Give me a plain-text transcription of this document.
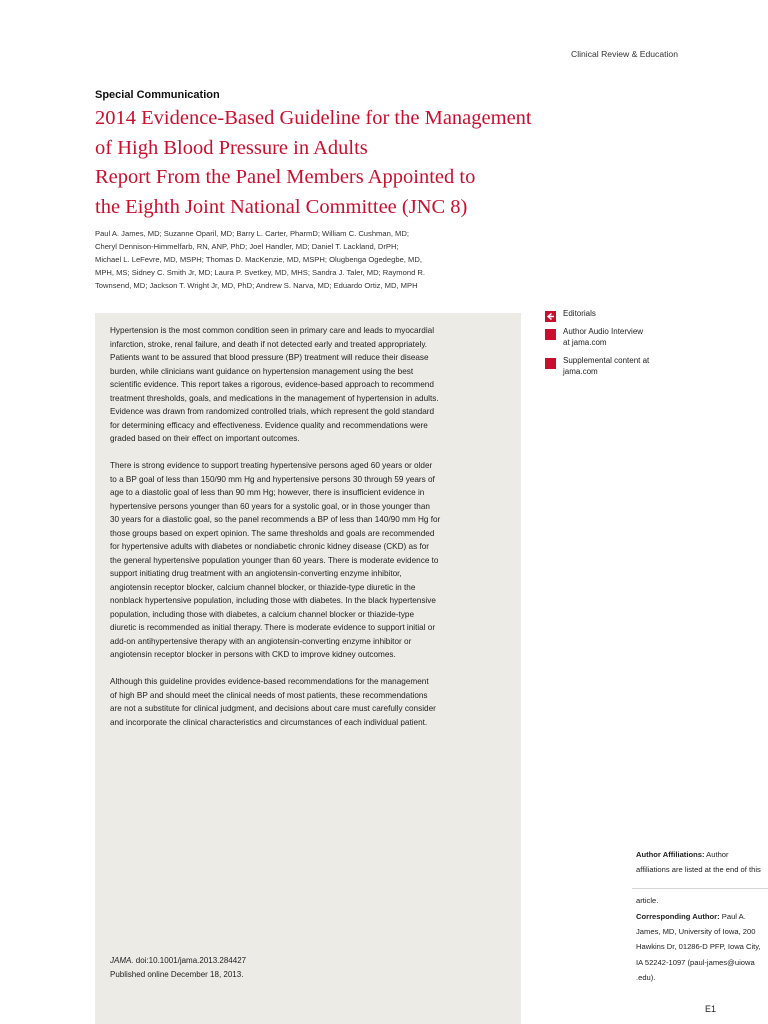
Clinical Review & Education
Special Communication
2014 Evidence-Based Guideline for the Management
of High Blood Pressure in Adults
Report From the Panel Members Appointed to
the Eighth Joint National Committee (JNC 8)
Paul A. James, MD; Suzanne Oparil, MD; Barry L. Carter, PharmD; William C. Cushman, MD;
Cheryl Dennison-Himmelfarb, RN, ANP, PhD; Joel Handler, MD; Daniel T. Lackland, DrPH;
Michael L. LeFevre, MD, MSPH; Thomas D. MacKenzie, MD, MSPH; Olugbenga Ogedegbe, MD,
MPH, MS; Sidney C. Smith Jr, MD; Laura P. Svetkey, MD, MHS; Sandra J. Taler, MD; Raymond R.
Townsend, MD; Jackson T. Wright Jr, MD, PhD; Andrew S. Narva, MD; Eduardo Ortiz, MD, MPH

Hypertension is the most common condition seen in primary care and leads to myocardial
infarction, stroke, renal failure, and death if not detected early and treated appropriately.
Patients want to be assured that blood pressure (BP) treatment will reduce their disease
burden, while clinicians want guidance on hypertension management using the best
scientific evidence. This report takes a rigorous, evidence-based approach to recommend
treatment thresholds, goals, and medications in the management of hypertension in adults.
Evidence was drawn from randomized controlled trials, which represent the gold standard
for determining efficacy and effectiveness. Evidence quality and recommendations were
graded based on their effect on important outcomes.

There is strong evidence to support treating hypertensive persons aged 60 years or older
to a BP goal of less than 150/90 mm Hg and hypertensive persons 30 through 59 years of
age to a diastolic goal of less than 90 mm Hg; however, there is insufficient evidence in
hypertensive persons younger than 60 years for a systolic goal, or in those younger than
30 years for a diastolic goal, so the panel recommends a BP of less than 140/90 mm Hg for
those groups based on expert opinion. The same thresholds and goals are recommended
for hypertensive adults with diabetes or nondiabetic chronic kidney disease (CKD) as for
the general hypertensive population younger than 60 years. There is moderate evidence to
support initiating drug treatment with an angiotensin-converting enzyme inhibitor,
angiotensin receptor blocker, calcium channel blocker, or thiazide-type diuretic in the
nonblack hypertensive population, including those with diabetes. In the black hypertensive
population, including those with diabetes, a calcium channel blocker or thiazide-type
diuretic is recommended as initial therapy. There is moderate evidence to support initial or
add-on antihypertensive therapy with an angiotensin-converting enzyme inhibitor or
angiotensin receptor blocker in persons with CKD to improve kidney outcomes.

Although this guideline provides evidence-based recommendations for the management
of high BP and should meet the clinical needs of most patients, these recommendations
are not a substitute for clinical judgment, and decisions about care must carefully consider
and incorporate the clinical characteristics and circumstances of each individual patient.

JAMA. doi:10.1001/jama.2013.284427
Published online December 18, 2013.
Editorials
Author Audio Interview
at jama.com
Supplemental content at
jama.com
Author Affiliations: Author
affiliations are listed at the end of this

article.
Corresponding Author: Paul A.
James, MD, University of Iowa, 200
Hawkins Dr, 01286-D PFP, Iowa City,
IA 52242-1097 (paul-james@uiowa
.edu).
E1
